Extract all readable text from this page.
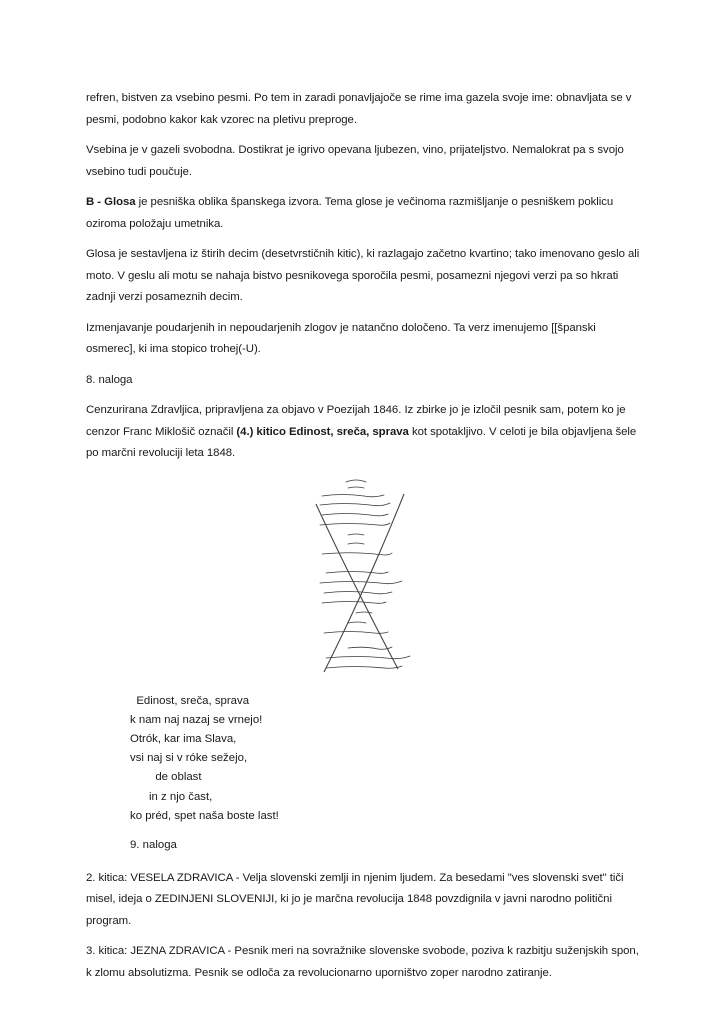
refren, bistven za vsebino pesmi. Po tem in zaradi ponavljajoče se rime ima gazela svoje ime: obnavljata se v pesmi, podobno kakor kak vzorec na pletivu preproge.

Vsebina je v gazeli svobodna. Dostikrat je igrivo opevana ljubezen, vino, prijateljstvo. Nemalokrat pa s svojo vsebino tudi poučuje.

B - Glosa je pesniška oblika španskega izvora. Tema glose je večinoma razmišljanje o pesniškem poklicu oziroma položaju umetnika.

Glosa je sestavljena iz štirih decim (desetvrstičnih kitic), ki razlagajo začetno kvartino; tako imenovano geslo ali moto. V geslu ali motu se nahaja bistvo pesnikovega sporočila pesmi, posamezni njegovi verzi pa so hkrati zadnji verzi posameznih decim.

Izmenjavanje poudarjenih in nepoudarjenih zlogov je natančno določeno. Ta verz imenujemo [[španski osmerec], ki ima stopico trohej(-U).

8. naloga

Cenzurirana Zdravljica, pripravljena za objavo v Poezijah 1846. Iz zbirke jo je izločil pesnik sam, potem ko je cenzor Franc Miklošič označil (4.) kitico Edinost, sreča, sprava kot spotakljivo. V celoti je bila objavljena šele po marčni revoluciji leta 1848.

Edinost, sreča, sprava
k nam naj nazaj se vrnejo!
Otrók, kar ima Slava,
vsi naj si v róke sežejo,
de oblast
in z njo čast,
ko préd, spet naša boste last!
9. naloga

2. kitica: VESELA ZDRAVICA - Velja slovenski zemlji in njenim ljudem. Za besedami "ves slovenski svet" tiči misel, ideja o ZEDINJENI SLOVENIJI, ki jo je marčna revolucija 1848 povzdignila v javni narodno politični program.

3. kitica: JEZNA ZDRAVICA - Pesnik meri na sovražnike slovenske svobode, poziva k razbitju suženjskih spon, k zlomu absolutizma. Pesnik se odloča za revolucionarno uporništvo zoper narodno zatiranje.
